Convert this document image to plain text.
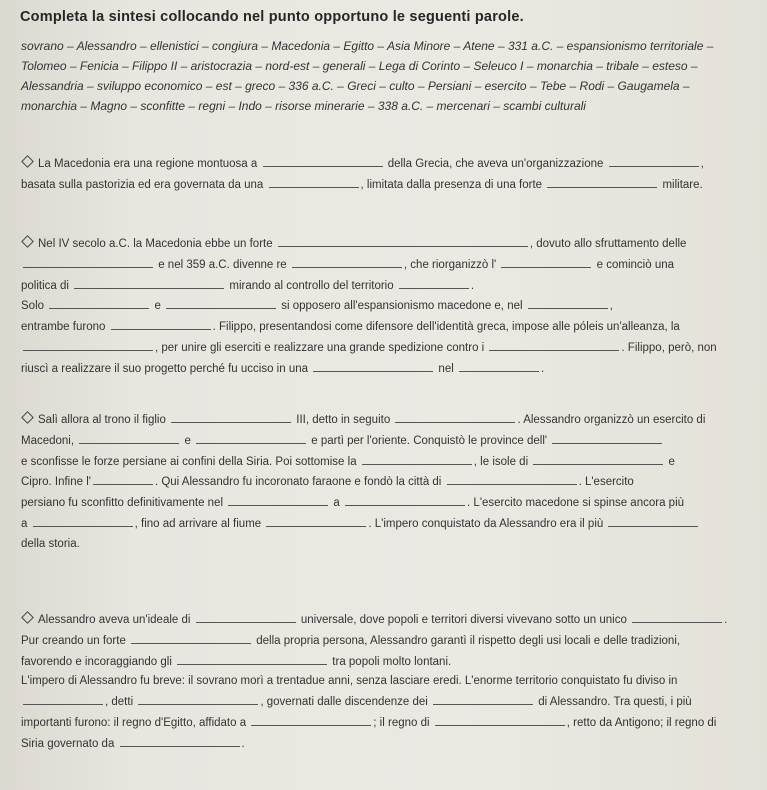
Completa la sintesi collocando nel punto opportuno le seguenti parole.

sovrano – Alessandro – ellenistici – congiura – Macedonia – Egitto – Asia Minore – Atene – 331 a.C. – espansionismo territoriale – Tolomeo – Fenicia – Filippo II – aristocrazia – nord-est – generali – Lega di Corinto – Seleuco I – monarchia – tribale – esteso – Alessandria – sviluppo economico – est – greco – 336 a.C. – Greci – culto – Persiani – esercito – Tebe – Rodi – Gaugamela – monarchia – Magno – sconfitte – regni – Indo – risorse minerarie – 338 a.C. – mercenari – scambi culturali

La Macedonia era una regione montuosa a	della Grecia, che aveva un'organizzazione	,
basata sulla pastorizia ed era governata da una	, limitata dalla presenza di una forte	militare.

Nel IV secolo a.C. la Macedonia ebbe un forte	, dovuto allo sfruttamento delle
e nel 359 a.C. divenne re	, che riorganizzò l'	e cominciò una
politica di	mirando al controllo del territorio	.
Solo	e	si opposero all'espansionismo macedone e, nel	,
entrambe furono	. Filippo, presentandosi come difensore dell'identità greca, impose alle póleis un'alleanza, la
, per unire gli eserciti e realizzare una grande spedizione contro i	. Filippo, però, non
riuscì a realizzare il suo progetto perché fu ucciso in una	nel	.

Salì allora al trono il figlio	III, detto in seguito	. Alessandro organizzò un esercito di
Macedoni,	e	e partì per l'oriente. Conquistò le province dell'
e sconfisse le forze persiane ai confini della Siria. Poi sottomise la	, le isole di	e
Cipro. Infine l'	. Qui Alessandro fu incoronato faraone e fondò la città di	. L'esercito
persiano fu sconfitto definitivamente nel	a	. L'esercito macedone si spinse ancora più
a	, fino ad arrivare al fiume	. L'impero conquistato da Alessandro era il più
della storia.

Alessandro aveva un'ideale di	universale, dove popoli e territori diversi vivevano sotto un unico	.
Pur creando un forte	della propria persona, Alessandro garantì il rispetto degli usi locali e delle tradizioni,
favorendo e incoraggiando gli	tra popoli molto lontani.
L'impero di Alessandro fu breve: il sovrano morì a trentadue anni, senza lasciare eredi. L'enorme territorio conquistato fu diviso in
, detti	, governati dalle discendenze dei	di Alessandro. Tra questi, i più
importanti furono: il regno d'Egitto, affidato a	; il regno di	, retto da Antigono; il regno di
Siria governato da	.
